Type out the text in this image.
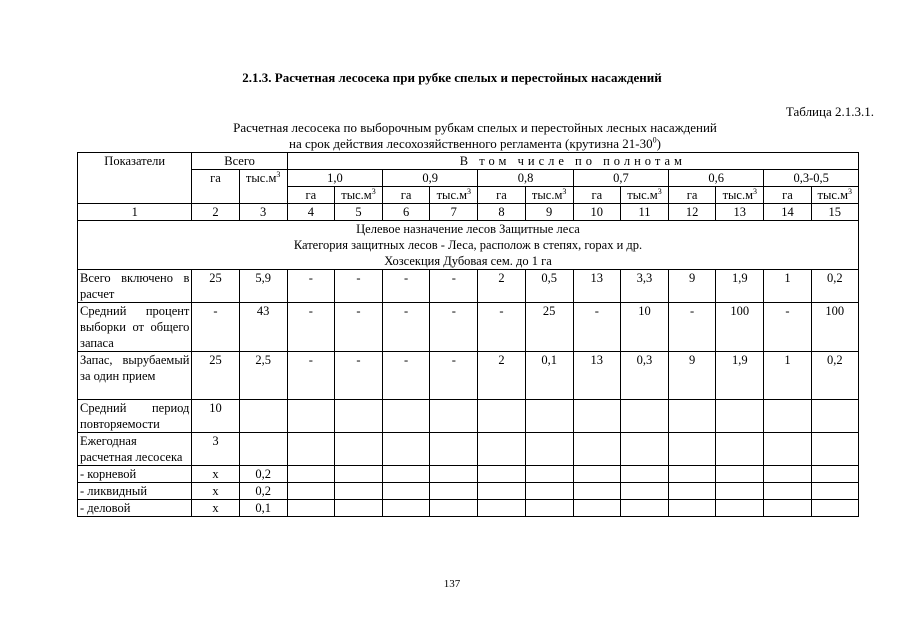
2.1.3. Расчетная лесосека при рубке спелых и перестойных насаждений
Таблица 2.1.3.1.
Расчетная лесосека по выборочным рубкам спелых и перестойных лесных насаждений
на срок действия лесохозяйственного регламента (крутизна $21-30^0$)
Показатели	Всего		В том числе по полнотам											
	га	$тыс.м^3$	1,0		0,9		0,8		0,7		0,6		0,3-0,5	
			га	$тыс.м^3$	га	$тыс.м^3$	га	$тыс.м^3$	га	$тыс.м^3$	га	$тыс.м^3$	га	$тыс.м^3$
1	2	3	4	5	6	7	8	9	10	11	12	13	14	15

Целевое назначение лесов Защитные леса
Категория защитных лесов - Леса, располож в степях, горах и др.
Хозсекция Дубовая сем. до 1 га														

Всего включено в расчет	25	5,9	-	-	-	-	2	0,5	13	3,3	9	1,9	1	0,2
Средний процент выборки от общего запаса	-	43	-	-	-	-	-	25	-	10	-	100	-	100
Запас, вырубаемый за один прием	25	2,5	-	-	-	-	2	0,1	13	0,3	9	1,9	1	0,2
Средний период повторяемости	10													
Ежегодная расчетная лесосека	3													
- корневой	х	0,2												
- ликвидный	х	0,2												
- деловой	х	0,1												
137
